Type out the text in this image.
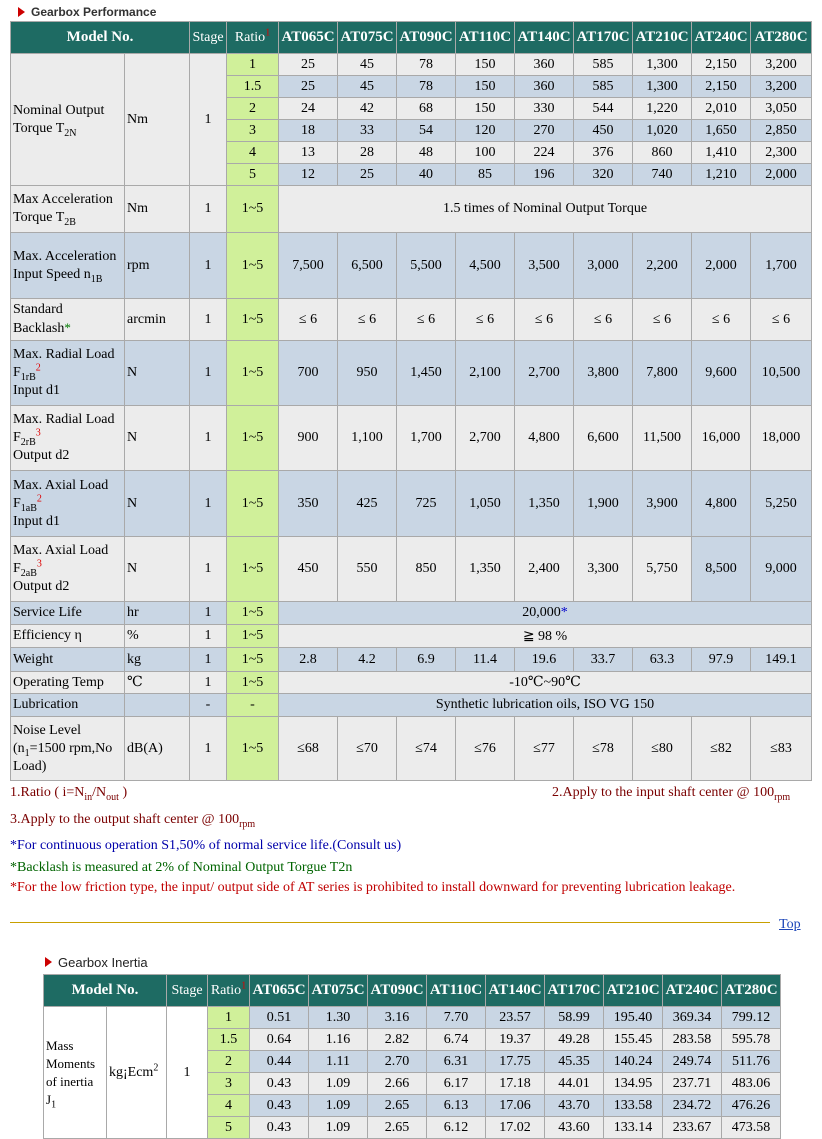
Gearbox Performance
Model No.		Stage	Ratio$^1$	AT065C	AT075C	AT090C	AT110C	AT140C	AT170C	AT210C	AT240C	AT280C
Nominal Output Torque $T_{2N}$	Nm	1	1	25	45	78	150	360	585	1,300	2,150	3,200
			1.5	25	45	78	150	360	585	1,300	2,150	3,200
			2	24	42	68	150	330	544	1,220	2,010	3,050
			3	18	33	54	120	270	450	1,020	1,650	2,850
			4	13	28	48	100	224	376	860	1,410	2,300
			5	12	25	40	85	196	320	740	1,210	2,000
Max Acceleration Torque $T_{2B}$	Nm	1	1~5	1.5 times of Nominal Output Torque								
Max. Acceleration Input Speed $n_{1B}$	rpm	1	1~5	7,500	6,500	5,500	4,500	3,500	3,000	2,200	2,000	1,700
Standard Backlash*	arcmin	1	1~5	≤ 6	≤ 6	≤ 6	≤ 6	≤ 6	≤ 6	≤ 6	≤ 6	≤ 6
Max. Radial Load
$F_{1rB}^2$
Input d1	N	1	1~5	700	950	1,450	2,100	2,700	3,800	7,800	9,600	10,500
Max. Radial Load
$F_{2rB}^3$
Output d2	N	1	1~5	900	1,100	1,700	2,700	4,800	6,600	11,500	16,000	18,000
Max. Axial Load
$F_{1aB}^2$
Input d1	N	1	1~5	350	425	725	1,050	1,350	1,900	3,900	4,800	5,250
Max. Axial Load
$F_{2aB}^3$
Output d2	N	1	1~5	450	550	850	1,350	2,400	3,300	5,750	8,500	9,000
Service Life	hr	1	1~5	20,000*								
Efficiency η	%	1	1~5	≧ 98 %								
Weight	kg	1	1~5	2.8	4.2	6.9	11.4	19.6	33.7	63.3	97.9	149.1
Operating Temp	℃	1	1~5	-10℃~90℃								
Lubrication		-	-	Synthetic lubrication oils, ISO VG 150								
Noise Level
($n_1=1500$ rpm,No
Load)	dB(A)	1	1~5	≤68	≤70	≤74	≤76	≤77	≤78	≤80	≤82	≤83
1.Ratio ( $i=N_{in}/N_{out}$ )	2.Apply to the input shaft center @ $100_{rpm}$
3.Apply to the output shaft center @ $100_{rpm}$
*For continuous operation S1,50% of normal service life.(Consult us)
*Backlash is measured at 2% of Nominal Output Torgue T2n
*For the low friction type, the input/ output side of AT series is prohibited to install downward for preventing lubrication leakage.
Top
Gearbox Inertia
Model No.		Stage	Ratio$^1$	AT065C	AT075C	AT090C	AT110C	AT140C	AT170C	AT210C	AT240C	AT280C
Mass Moments of inertia $J_1$	kg¡Ecm$^2$	1	1	0.51	1.30	3.16	7.70	23.57	58.99	195.40	369.34	799.12
			1.5	0.64	1.16	2.82	6.74	19.37	49.28	155.45	283.58	595.78
			2	0.44	1.11	2.70	6.31	17.75	45.35	140.24	249.74	511.76
			3	0.43	1.09	2.66	6.17	17.18	44.01	134.95	237.71	483.06
			4	0.43	1.09	2.65	6.13	17.06	43.70	133.58	234.72	476.26
			5	0.43	1.09	2.65	6.12	17.02	43.60	133.14	233.67	473.58
